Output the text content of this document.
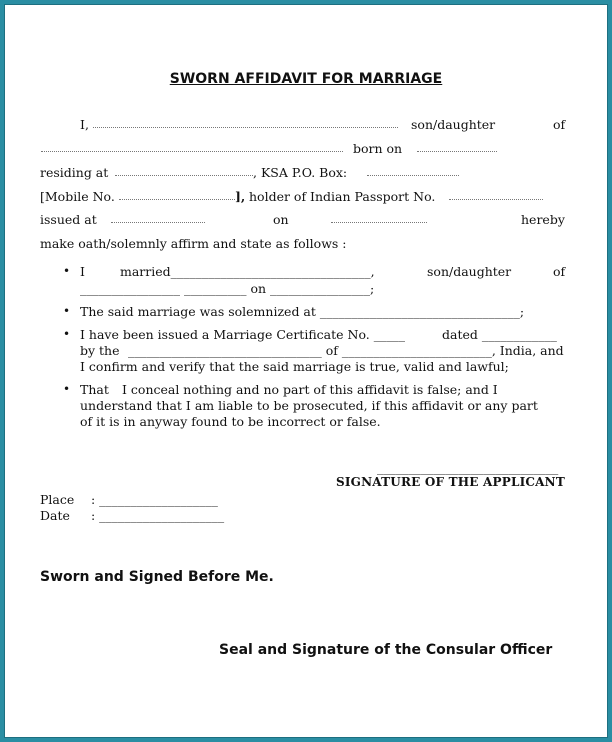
SWORN AFFIDAVIT FOR MARRIAGE
I,	son/daughter	of
born on
residing at	, KSA P.O. Box:
[Mobile No.	], holder of Indian Passport No.
issued at	on	hereby
make oath/solemnly affirm and state as follows :
• I	married________________________________,	son/daughter	of
________________ __________ on ________________;
• The said marriage was solemnized at ________________________________;
• I have been issued a Marriage Certificate No. _____	dated ____________
by the _______________________________ of ________________________, India, and
I confirm and verify that the said marriage is true, valid and lawful;
• That I conceal nothing and no part of this affidavit is false; and I
understand that I am liable to be prosecuted, if this affidavit or any part
of it is in anyway found to be incorrect or false.
_____________________________
SIGNATURE OF THE APPLICANT
Place : ___________________
Date : ____________________
Sworn and Signed Before Me.
Seal and Signature of the Consular Officer
